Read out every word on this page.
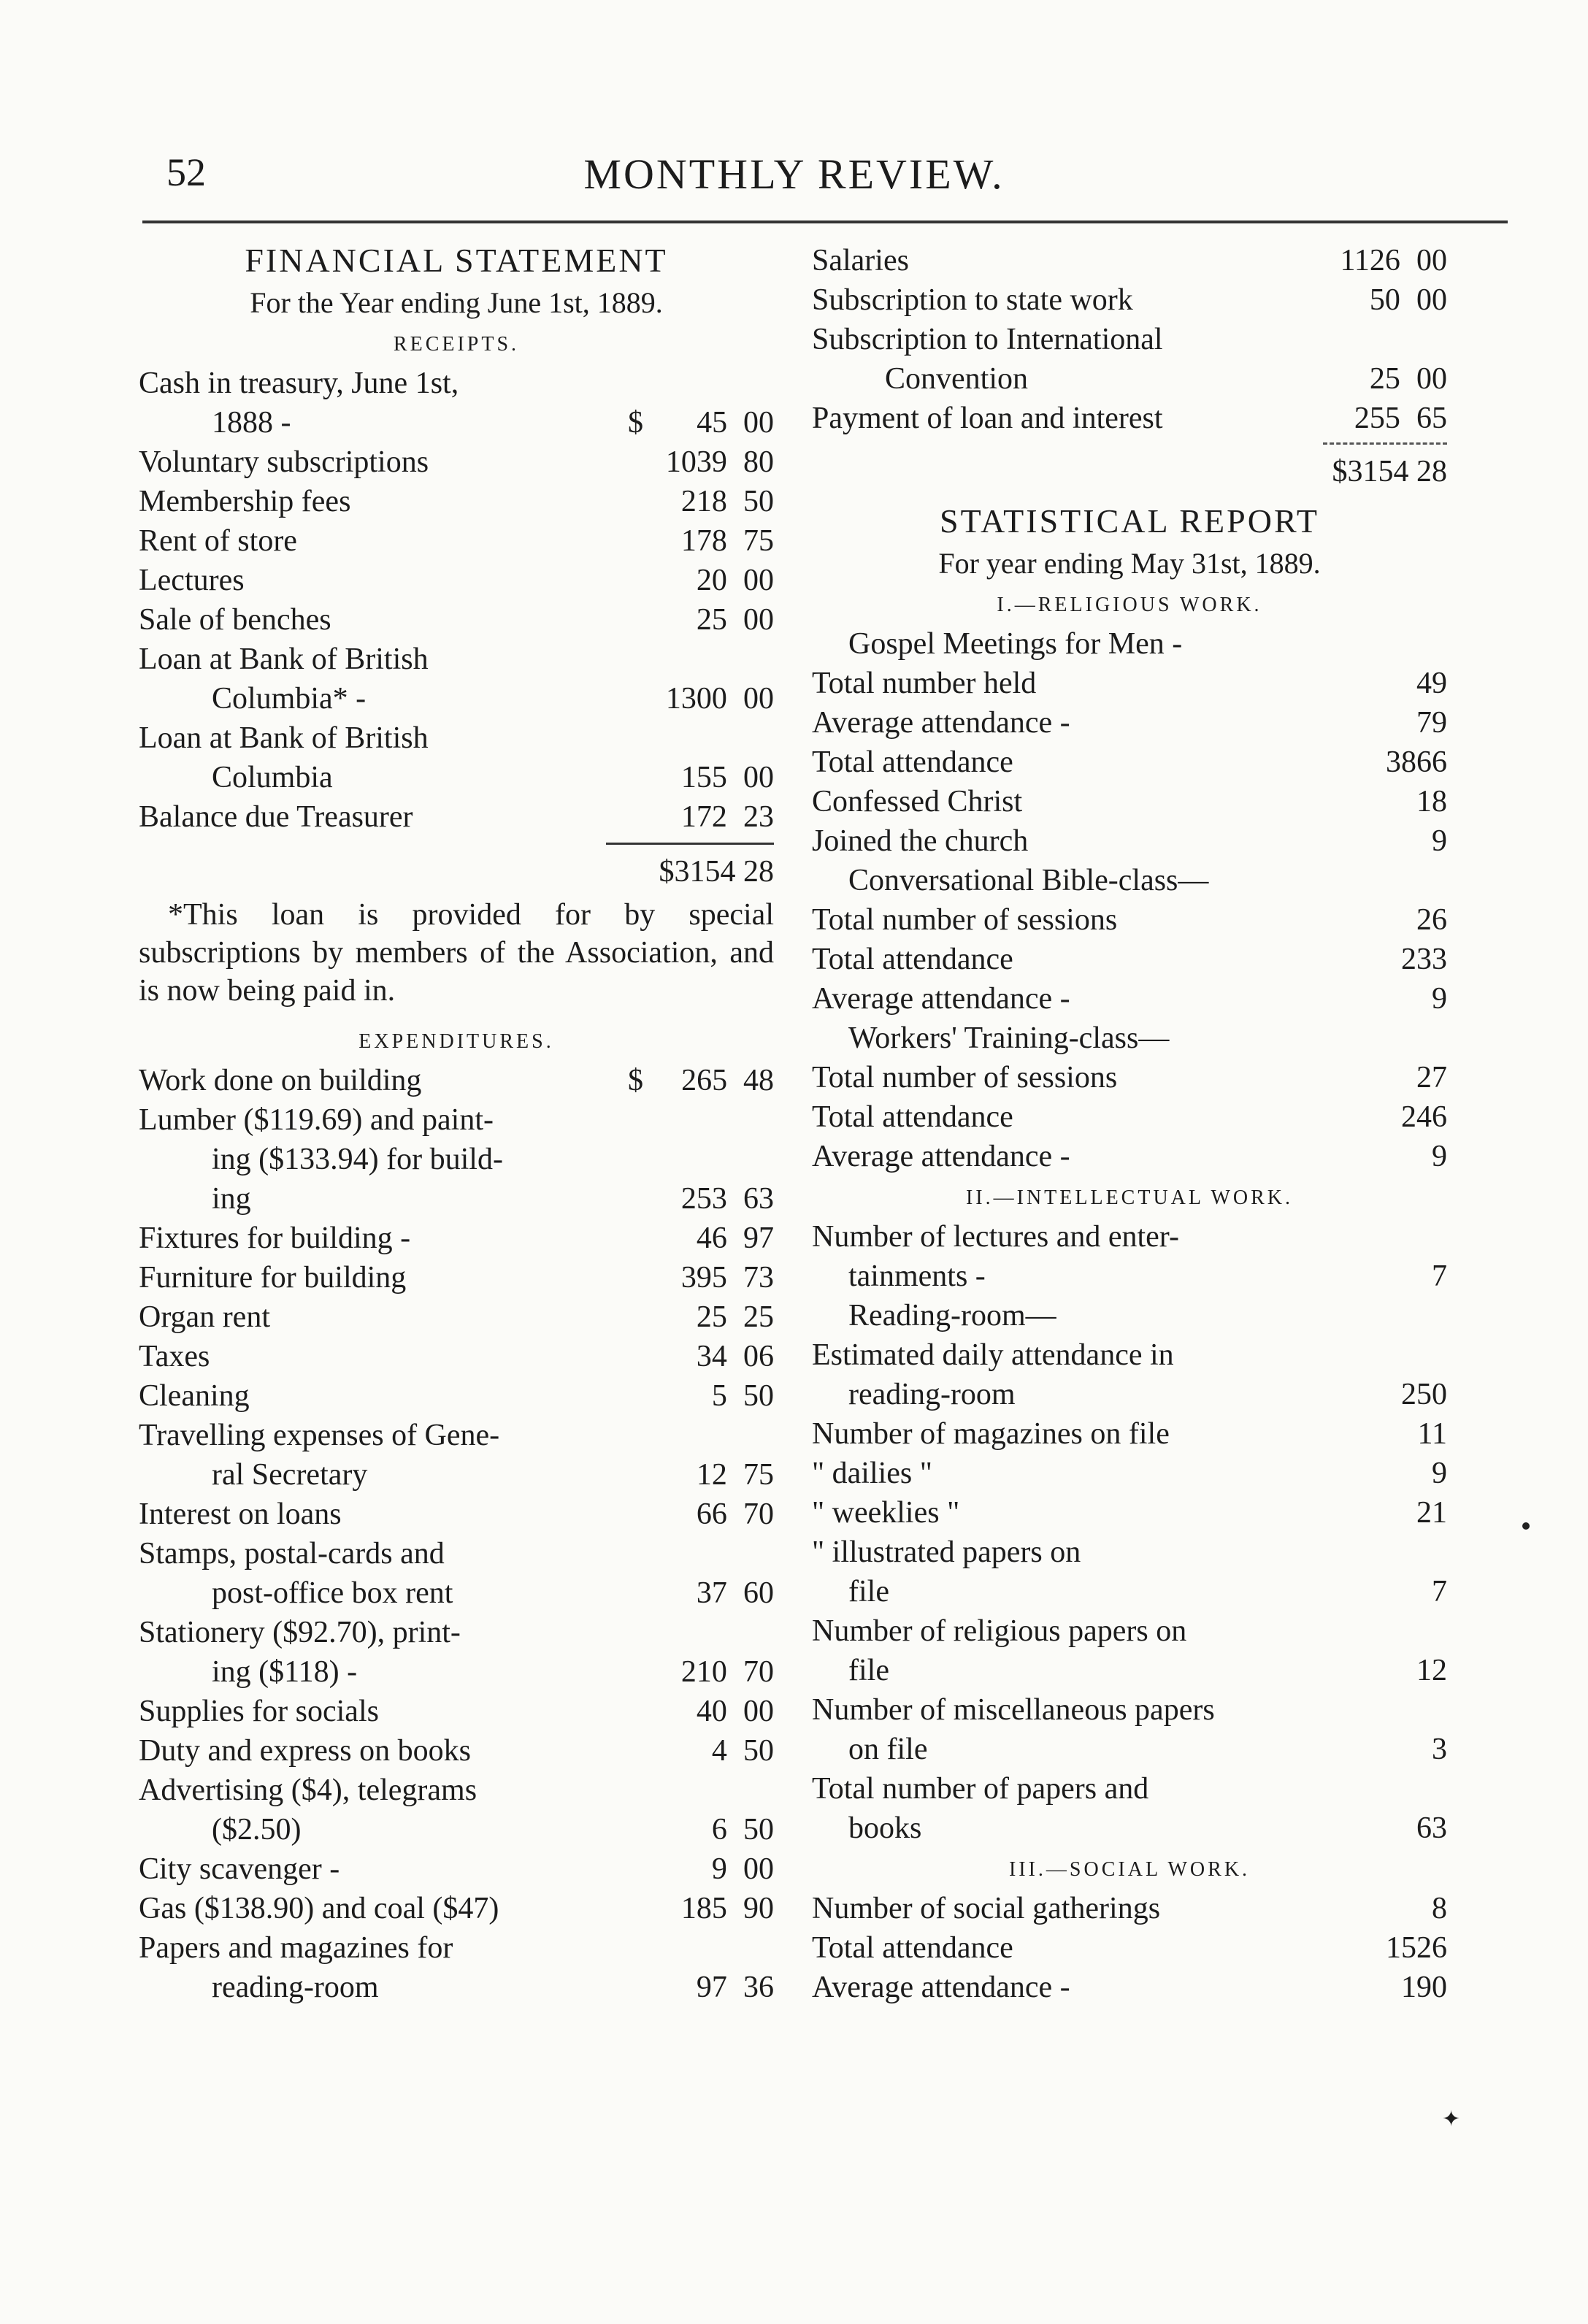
52	MONTHLY REVIEW.
FINANCIAL STATEMENT
For the Year ending June 1st, 1889.
RECEIPTS.
Cash in treasury, June 1st,
1888 -	$	45 00
Voluntary subscriptions	1039 80
Membership fees	218 50
Rent of store	178 75
Lectures	20 00
Sale of benches	25 00
Loan at Bank of British
Columbia* -	1300 00
Loan at Bank of British
Columbia	155 00
Balance due Treasurer	172 23
$3154 28
*This loan is provided for by special subscriptions by members of the Association, and is now being paid in.
EXPENDITURES.
Work done on building	$	265 48
Lumber ($119.69) and paint-
ing ($133.94) for build-
ing	253 63
Fixtures for building -	46 97
Furniture for building	395 73
Organ rent	25 25
Taxes	34 06
Cleaning	5 50
Travelling expenses of Gene-
ral Secretary	12 75
Interest on loans	66 70
Stamps, postal-cards and
post-office box rent	37 60
Stationery ($92.70), print-
ing ($118) -	210 70
Supplies for socials	40 00
Duty and express on books	4 50
Advertising ($4), telegrams
($2.50)	6 50
City scavenger -	9 00
Gas ($138.90) and coal ($47)	185 90
Papers and magazines for
reading-room	97 36
Salaries	1126 00
Subscription to state work	50 00
Subscription to International
Convention	25 00
Payment of loan and interest	255 65
$3154 28
STATISTICAL REPORT
For year ending May 31st, 1889.
I.—RELIGIOUS WORK.
Gospel Meetings for Men -
Total number held	49
Average attendance -	79
Total attendance	3866
Confessed Christ	18
Joined the church	9
Conversational Bible-class—
Total number of sessions	26
Total attendance	233
Average attendance -	9
Workers' Training-class—
Total number of sessions	27
Total attendance	246
Average attendance -	9
II.—INTELLECTUAL WORK.
Number of lectures and enter-
tainments -	7
Reading-room—
Estimated daily attendance in
reading-room	250
Number of magazines on file	11
" dailies "	9
" weeklies "	21
" illustrated papers on
file	7
Number of religious papers on
file	12
Number of miscellaneous papers
on file	3
Total number of papers and
books	63
III.—SOCIAL WORK.
Number of social gatherings	8
Total attendance	1526
Average attendance -	190
✦
